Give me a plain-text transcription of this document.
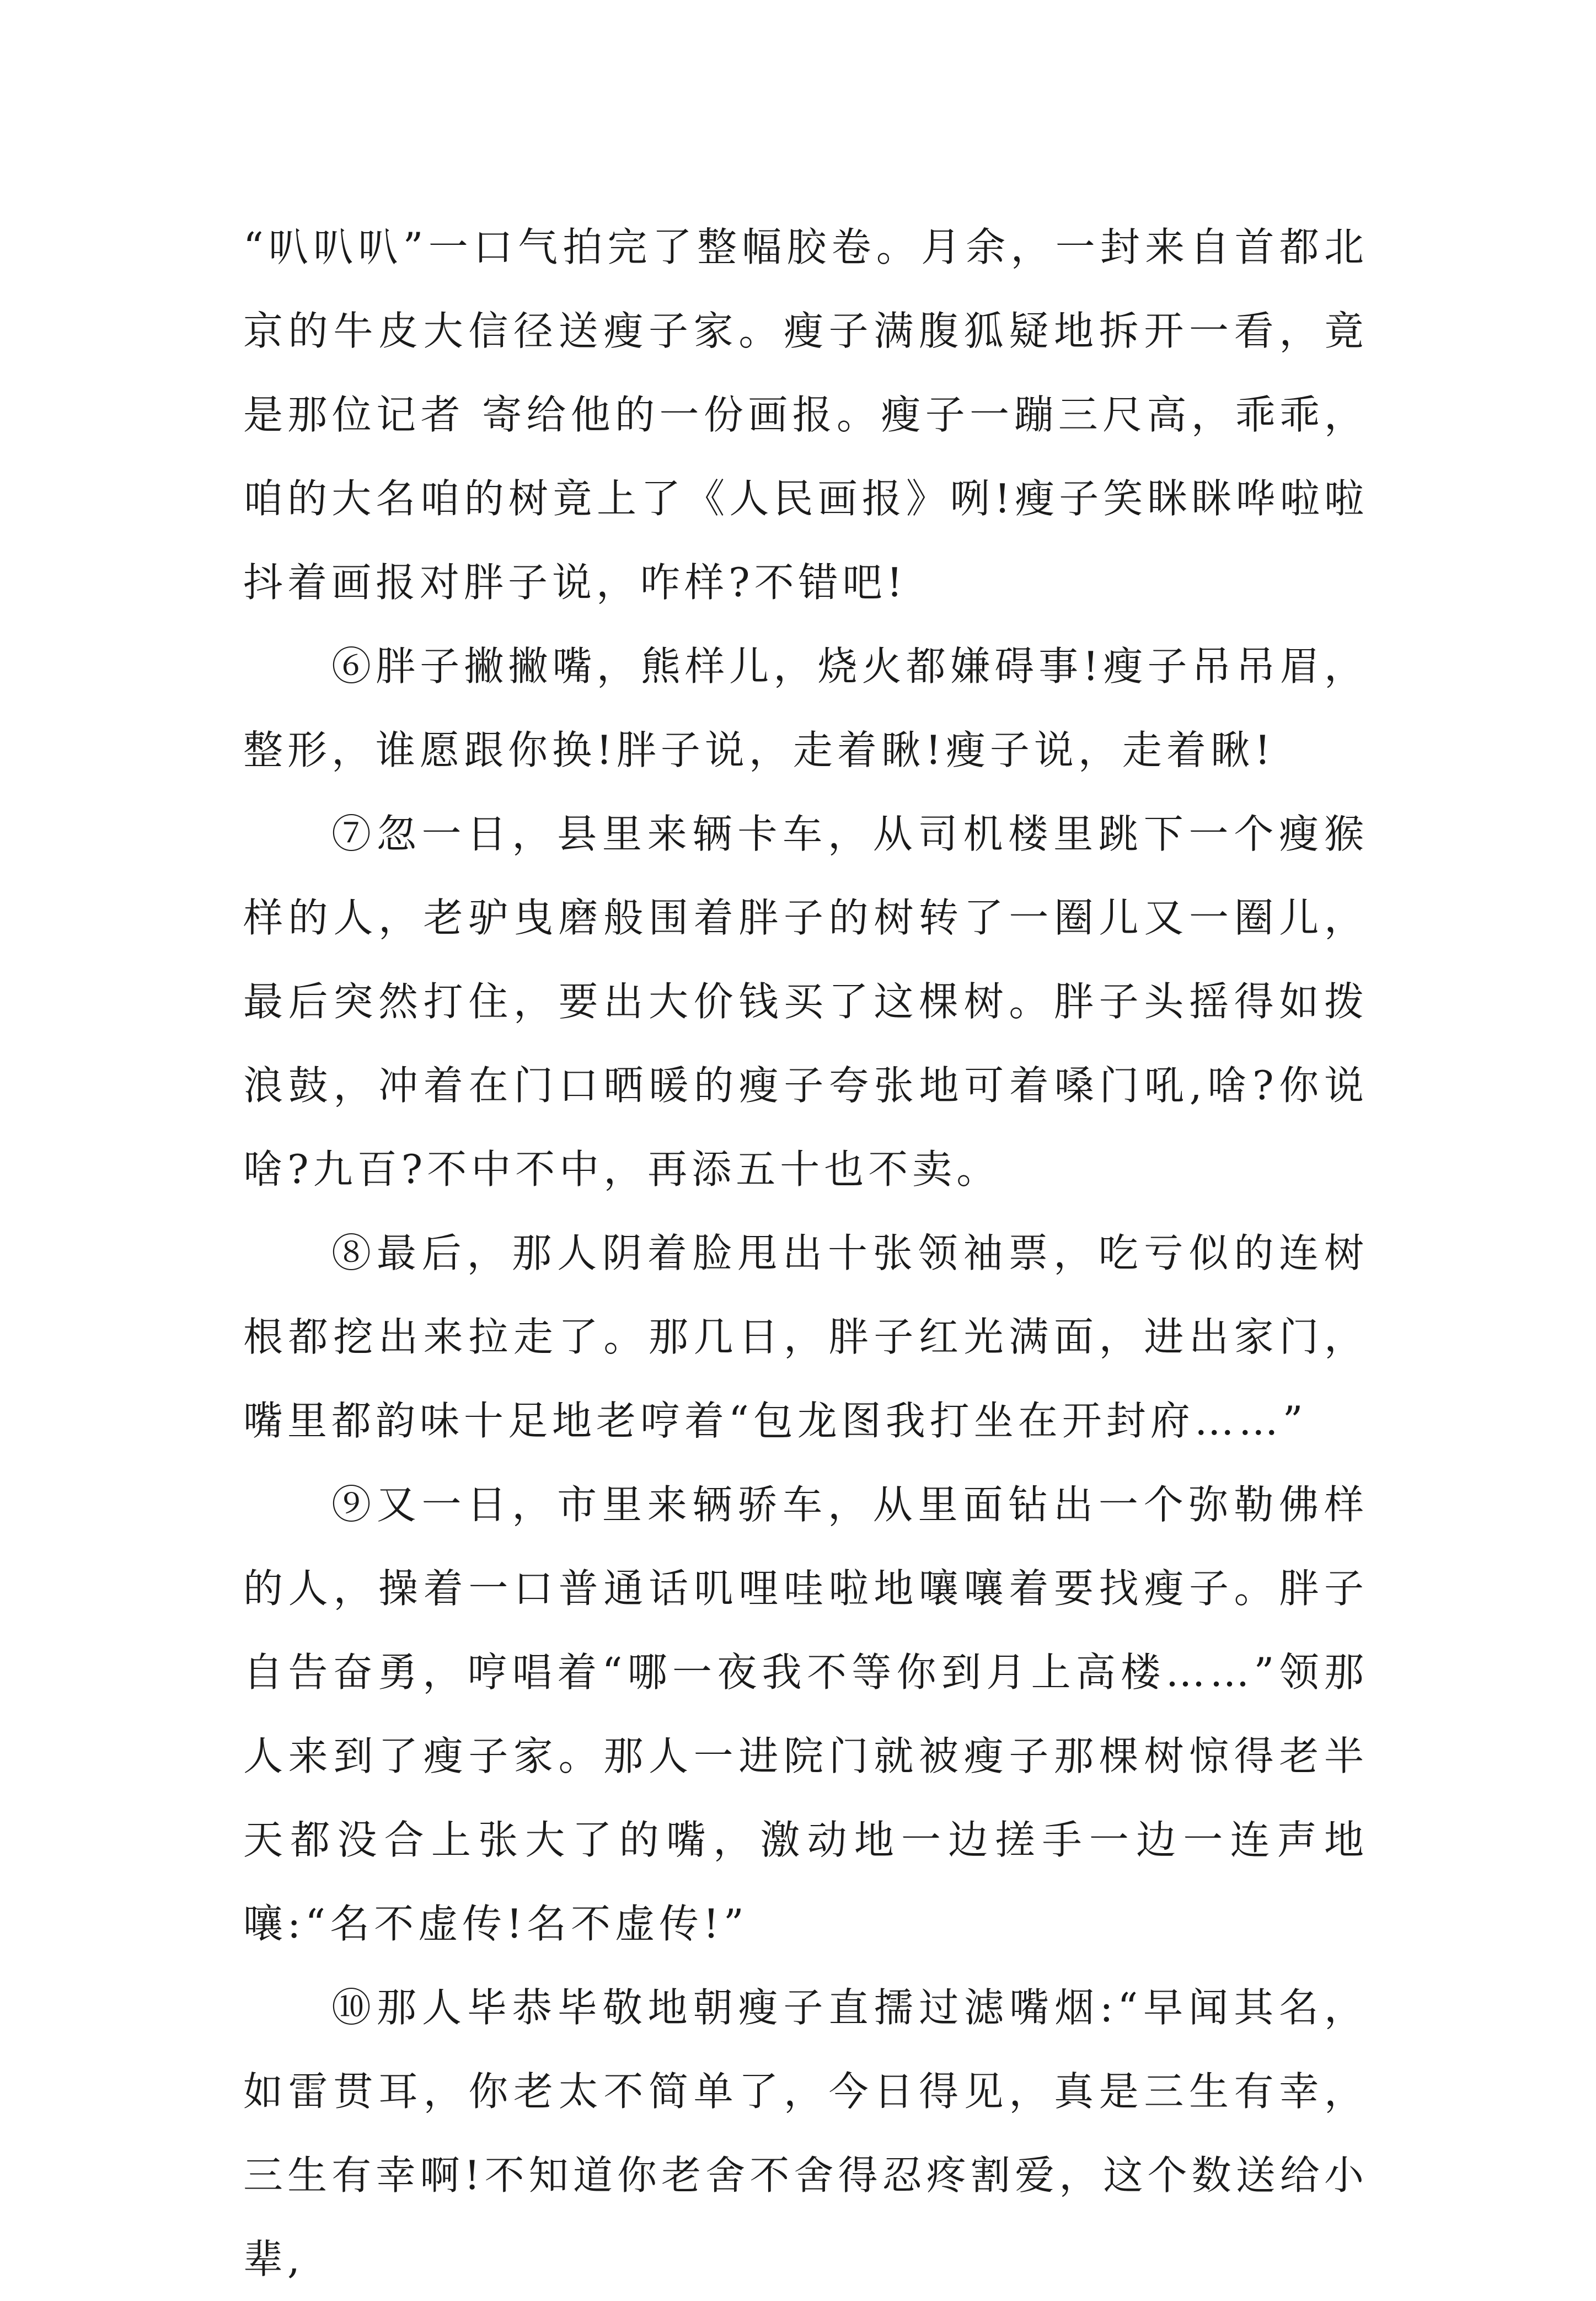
“叭叭叭”一口气拍完了整幅胶卷。月余，一封来自首都北京的牛皮大信径送瘦子家。瘦子满腹狐疑地拆开一看，竟是那位记者 寄给他的一份画报。瘦子一蹦三尺高，乖乖，咱的大名咱的树竟上了《人民画报》咧!瘦子笑眯眯哗啦啦抖着画报对胖子说，咋样?不错吧!

⑥胖子撇撇嘴，熊样儿，烧火都嫌碍事!瘦子吊吊眉，整形，谁愿跟你换!胖子说，走着瞅!瘦子说，走着瞅!

⑦忽一日，县里来辆卡车，从司机楼里跳下一个瘦猴样的人，老驴曳磨般围着胖子的树转了一圈儿又一圈儿，最后突然打住，要出大价钱买了这棵树。胖子头摇得如拨浪鼓，冲着在门口晒暖的瘦子夸张地可着嗓门吼,啥?你说啥?九百?不中不中，再添五十也不卖。

⑧最后，那人阴着脸甩出十张领袖票，吃亏似的连树根都挖出来拉走了。那几日，胖子红光满面，进出家门，嘴里都韵味十足地老哼着“包龙图我打坐在开封府……”

⑨又一日，市里来辆骄车，从里面钻出一个弥勒佛样的人，操着一口普通话叽哩哇啦地嚷嚷着要找瘦子。胖子自告奋勇，哼唱着“哪一夜我不等你到月上高楼……”领那人来到了瘦子家。那人一进院门就被瘦子那棵树惊得老半天都没合上张大了的嘴，激动地一边搓手一边一连声地嚷:“名不虚传!名不虚传!”

⑩那人毕恭毕敬地朝瘦子直擩过滤嘴烟:“早闻其名，如雷贯耳，你老太不简单了，今日得见，真是三生有幸，三生有幸啊!不知道你老舍不舍得忍疼割爱，这个数送给小辈,
